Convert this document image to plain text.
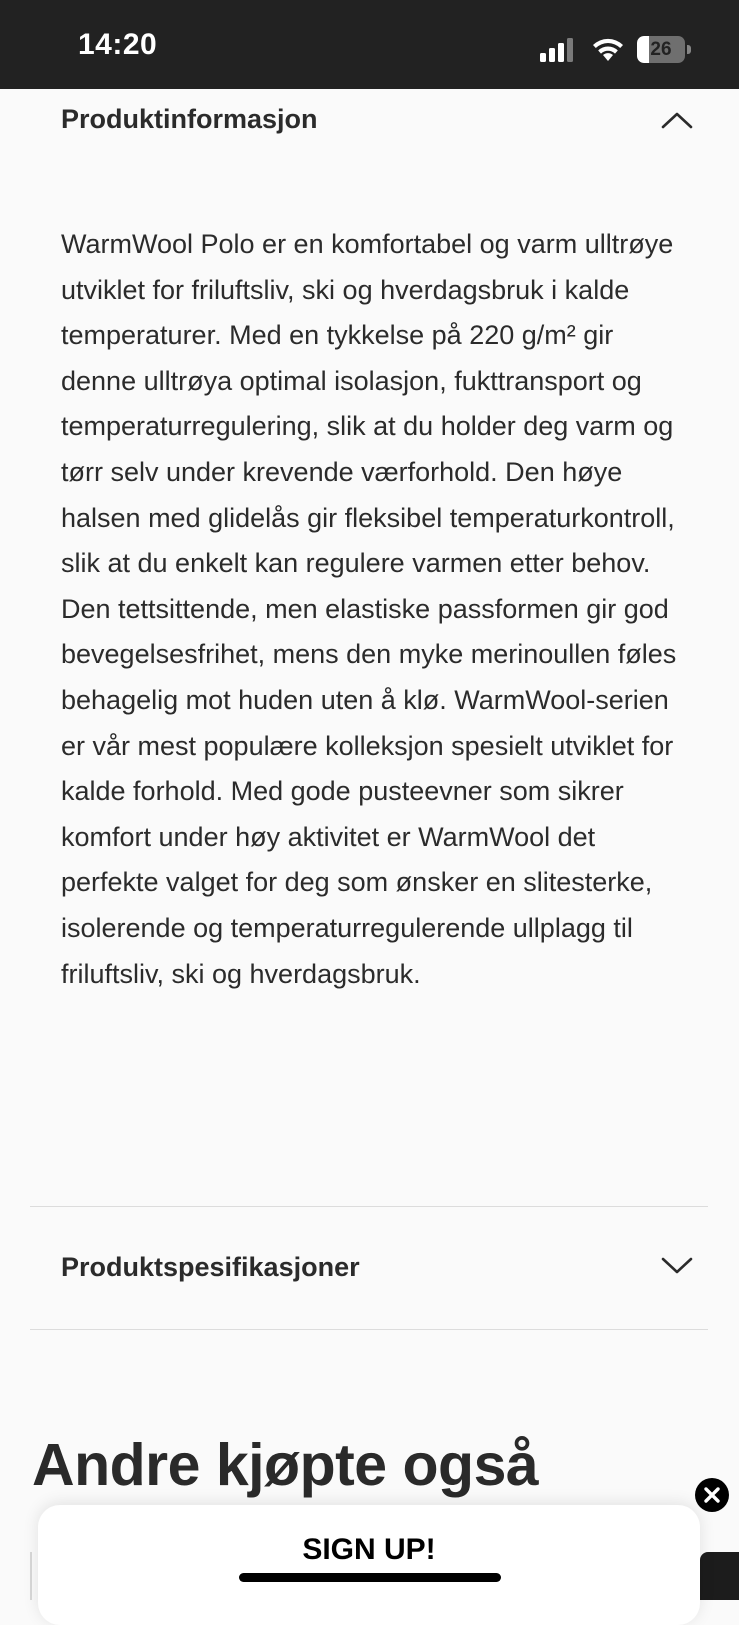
14:20	26
Produktinformasjon

WarmWool Polo er en komfortabel og varm ulltrøye utviklet for friluftsliv, ski og hverdagsbruk i kalde temperaturer. Med en tykkelse på 220 g/m² gir denne ulltrøya optimal isolasjon, fukttransport og temperaturregulering, slik at du holder deg varm og tørr selv under krevende værforhold. Den høye halsen med glidelås gir fleksibel temperaturkontroll, slik at du enkelt kan regulere varmen etter behov. Den tettsittende, men elastiske passformen gir god bevegelsesfrihet, mens den myke merinoullen føles behagelig mot huden uten å klø. WarmWool-serien er vår mest populære kolleksjon spesielt utviklet for kalde forhold. Med gode pusteevner som sikrer komfort under høy aktivitet er WarmWool det perfekte valget for deg som ønsker en slitesterke, isolerende og temperaturregulerende ullplagg til friluftsliv, ski og hverdagsbruk.

Produktspesifikasjoner
Andre kjøpte også
SIGN UP!
